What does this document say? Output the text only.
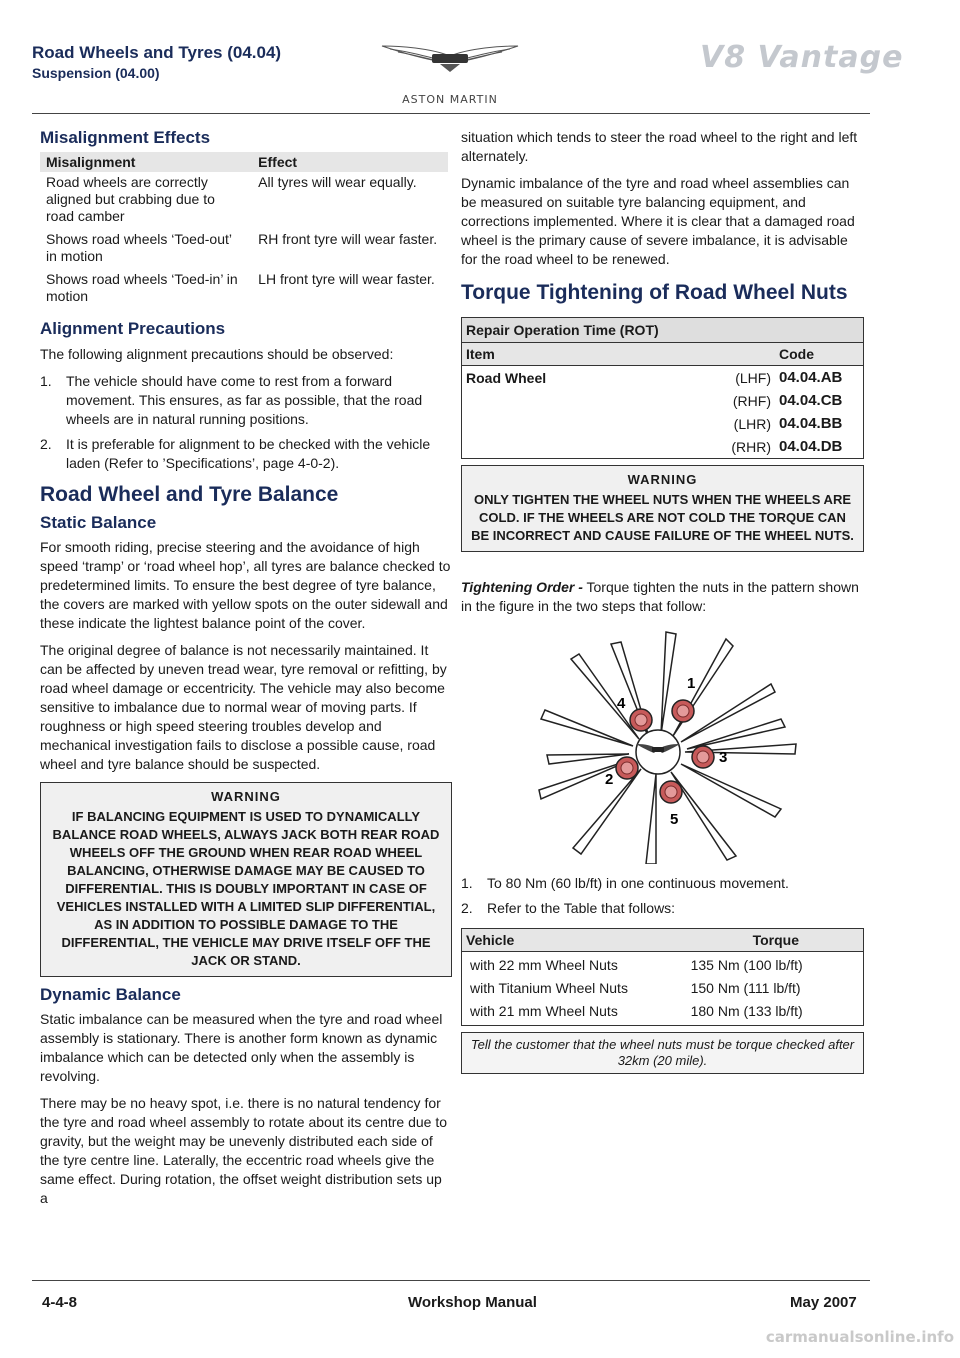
Road Wheels and Tyres (04.04)
Suspension (04.00)
ASTON MARTIN
V8 Vantage
Misalignment Effects
Misalignment	Effect
Road wheels are correctly aligned but crabbing due to road camber	All tyres will wear equally.
Shows road wheels ‘Toed-out’ in motion	RH front tyre will wear faster.
Shows road wheels ‘Toed-in’ in motion	LH front tyre will wear faster.
Alignment Precautions

The following alignment precautions should be observed:

1. The vehicle should have come to rest from a forward movement. This ensures, as far as possible, that the road wheels are in natural running positions.
2. It is preferable for alignment to be checked with the vehicle laden (Refer to ’Specifications’, page 4-0-2).
Road Wheel and Tyre Balance
Static Balance

For smooth riding, precise steering and the avoidance of high speed ‘tramp’ or ‘road wheel hop’, all tyres are balance checked to predetermined limits. To ensure the best degree of tyre balance, the covers are marked with yellow spots on the outer sidewall and these indicate the lightest balance point of the cover.

The original degree of balance is not necessarily maintained. It can be affected by uneven tread wear, tyre removal or refitting, by road wheel damage or eccentricity. The vehicle may also become sensitive to imbalance due to normal wear of moving parts. If roughness or high speed steering troubles develop and mechanical investigation fails to disclose a possible cause, road wheel and tyre balance should be suspected.

WARNING
IF BALANCING EQUIPMENT IS USED TO DYNAMICALLY BALANCE ROAD WHEELS, ALWAYS JACK BOTH REAR ROAD WHEELS OFF THE GROUND WHEN REAR ROAD WHEEL BALANCING, OTHERWISE DAMAGE MAY BE CAUSED TO DIFFERENTIAL. THIS IS DOUBLY IMPORTANT IN CASE OF VEHICLES INSTALLED WITH A LIMITED SLIP DIFFERENTIAL, AS IN ADDITION TO POSSIBLE DAMAGE TO THE DIFFERENTIAL, THE VEHICLE MAY DRIVE ITSELF OFF THE JACK OR STAND.
Dynamic Balance

Static imbalance can be measured when the tyre and road wheel assembly is stationary. There is another form known as dynamic imbalance which can be detected only when the assembly is revolving.

There may be no heavy spot, i.e. there is no natural tendency for the tyre and road wheel assembly to rotate about its centre due to gravity, but the weight may be unevenly distributed each side of the tyre centre line. Laterally, the eccentric road wheels give the same effect. During rotation, the offset weight distribution sets up a

situation which tends to steer the road wheel to the right and left alternately.

Dynamic imbalance of the tyre and road wheel assemblies can be measured on suitable tyre balancing equipment, and corrections implemented. Where it is clear that a damaged road wheel is the primary cause of severe imbalance, it is advisable for the road wheel to be renewed.

Torque Tightening of Road Wheel Nuts
Repair Operation Time (ROT)		
Item		Code
Road Wheel	(LHF)	04.04.AB
	(RHF)	04.04.CB
	(LHR)	04.04.BB
	(RHR)	04.04.DB
WARNING
ONLY TIGHTEN THE WHEEL NUTS WHEN THE WHEELS ARE COLD. IF THE WHEELS ARE NOT COLD THE TORQUE CAN BE INCORRECT AND CAUSE FAILURE OF THE WHEEL NUTS.

Tightening Order - Torque tighten the nuts in the pattern shown in the figure in the two steps that follow:

1
2
3
4
5
1. To 80 Nm (60 lb/ft) in one continuous movement.
2. Refer to the Table that follows:
Vehicle	Torque
with 22 mm Wheel Nuts	135 Nm (100 lb/ft)
with Titanium Wheel Nuts	150 Nm (111 lb/ft)
with 21 mm Wheel Nuts	180 Nm (133 lb/ft)
Tell the customer that the wheel nuts must be torque checked after 32km (20 mile).
4-4-8	Workshop Manual	May 2007
carmanualsonline.info
